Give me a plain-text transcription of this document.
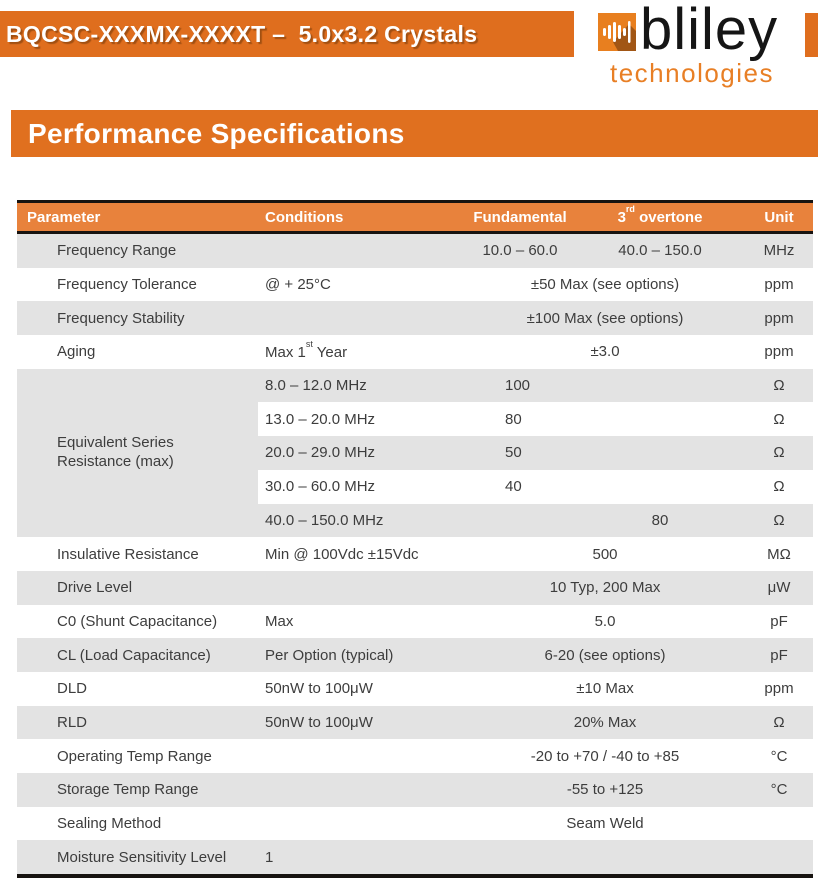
BQCSC-XXXMX-XXXXT –  5.0x3.2 Crystals	bliley
technologies
Performance Specifications
Parameter	Conditions	Fundamental	3rd overtone	Unit
Frequency Range		10.0 – 60.0	40.0 – 150.0	MHz
Frequency Tolerance	@ + 25°C	±50 Max (see options)		ppm
Frequency Stability		±100 Max (see options)		ppm
Aging	Max 1st Year	±3.0		ppm
Equivalent Series
Resistance (max)	8.0 – 12.0 MHz	100		Ω
	13.0 – 20.0 MHz	80		Ω
	20.0 – 29.0 MHz	50		Ω
	30.0 – 60.0 MHz	40		Ω
	40.0 – 150.0 MHz		80	Ω
Insulative Resistance	Min @ 100Vdc ±15Vdc	500		MΩ
Drive Level		10 Typ, 200 Max		μW
C0 (Shunt Capacitance)	Max	5.0		pF
CL (Load Capacitance)	Per Option (typical)	6-20 (see options)		pF
DLD	50nW to 100μW	±10 Max		ppm
RLD	50nW to 100μW	20% Max		Ω
Operating Temp Range		-20 to +70 / -40 to +85		°C
Storage Temp Range		-55 to +125		°C
Sealing Method		Seam Weld		
Moisture Sensitivity Level	1			
